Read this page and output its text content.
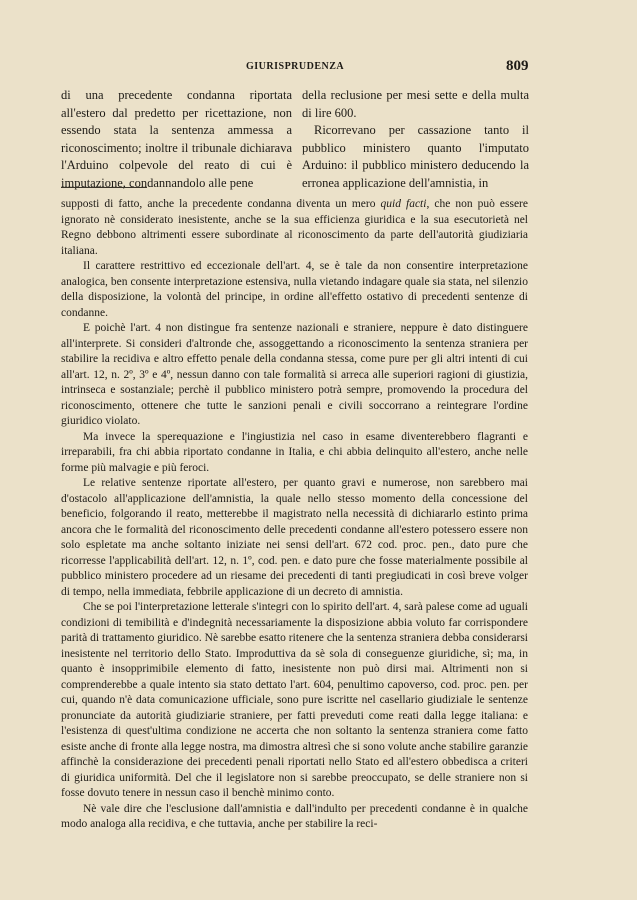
GIURISPRUDENZA	809

di una precedente condanna riportata all'estero dal predetto per ricettazione, non essendo stata la sentenza ammessa a riconoscimento; inoltre il tribunale dichiarava l'Arduino colpevole del reato di cui è imputazione, condannandolo alle pene

della reclusione per mesi sette e della multa di lire 600.

Ricorrevano per cassazione tanto il pubblico ministero quanto l'imputato Arduino: il pubblico ministero deducendo la erronea applicazione dell'amnistia, in

supposti di fatto, anche la precedente condanna diventa un mero quid facti, che non può essere ignorato nè considerato inesistente, anche se la sua efficienza giuridica e la sua esecutorietà nel Regno debbono altrimenti essere subordinate al riconoscimento da parte dell'autorità giudiziaria italiana.

Il carattere restrittivo ed eccezionale dell'art. 4, se è tale da non consentire interpretazione analogica, ben consente interpretazione estensiva, nulla vietando indagare quale sia stata, nel silenzio della disposizione, la volontà del principe, in ordine all'effetto ostativo di precedenti sentenze di condanne.

E poichè l'art. 4 non distingue fra sentenze nazionali e straniere, neppure è dato distinguere all'interprete. Si consideri d'altronde che, assoggettando a riconoscimento la sentenza straniera per stabilire la recidiva e altro effetto penale della condanna stessa, come pure per gli altri intenti di cui all'art. 12, n. 2º, 3º e 4º, nessun danno con tale formalità si arreca alle superiori ragioni di giustizia, intrinseca e sostanziale; perchè il pubblico ministero potrà sempre, promovendo la procedura del riconoscimento, ottenere che tutte le sanzioni penali e civili soccorrano a reintegrare l'ordine giuridico violato.

Ma invece la sperequazione e l'ingiustizia nel caso in esame diventerebbero flagranti e irreparabili, fra chi abbia riportato condanne in Italia, e chi abbia delinquito all'estero, anche nelle forme più malvagie e più feroci.

Le relative sentenze riportate all'estero, per quanto gravi e numerose, non sarebbero mai d'ostacolo all'applicazione dell'amnistia, la quale nello stesso momento della concessione del beneficio, folgorando il reato, metterebbe il magistrato nella necessità di dichiararlo estinto prima ancora che le formalità del riconoscimento delle precedenti condanne all'estero potessero essere non solo espletate ma anche soltanto iniziate nei sensi dell'art. 672 cod. proc. pen., dato pure che ricorresse l'applicabilità dell'art. 12, n. 1º, cod. pen. e dato pure che fosse materialmente possibile al pubblico ministero procedere ad un riesame dei precedenti di tanti pregiudicati in così breve volger di tempo, nella immediata, febbrile applicazione di un decreto di amnistia.

Che se poi l'interpretazione letterale s'integri con lo spirito dell'art. 4, sarà palese come ad uguali condizioni di temibilità e d'indegnità necessariamente la disposizione abbia voluto far corrispondere parità di trattamento giuridico. Nè sarebbe esatto ritenere che la sentenza straniera debba considerarsi inesistente nel territorio dello Stato. Improduttiva da sè sola di conseguenze giuridiche, sì; ma, in quanto è insopprimibile elemento di fatto, inesistente non può dirsi mai. Altrimenti non si comprenderebbe a quale intento sia stato dettato l'art. 604, penultimo capoverso, cod. proc. pen. per cui, quando n'è data comunicazione ufficiale, sono pure iscritte nel casellario giudiziale le sentenze pronunciate da autorità giudiziarie straniere, per fatti preveduti come reati dalla legge italiana: e l'esistenza di quest'ultima condizione ne accerta che non soltanto la sentenza straniera come fatto esiste anche di fronte alla legge nostra, ma dimostra altresì che si sono volute anche stabilire garanzie affinchè la considerazione dei precedenti penali riportati nello Stato ed all'estero obbedisca a criteri di giuridica uniformità. Del che il legislatore non si sarebbe preoccupato, se delle straniere non si fosse dovuto tenere in nessun caso il benchè minimo conto.

Nè vale dire che l'esclusione dall'amnistia e dall'indulto per precedenti condanne è in qualche modo analoga alla recidiva, e che tuttavia, anche per stabilire la reci-
